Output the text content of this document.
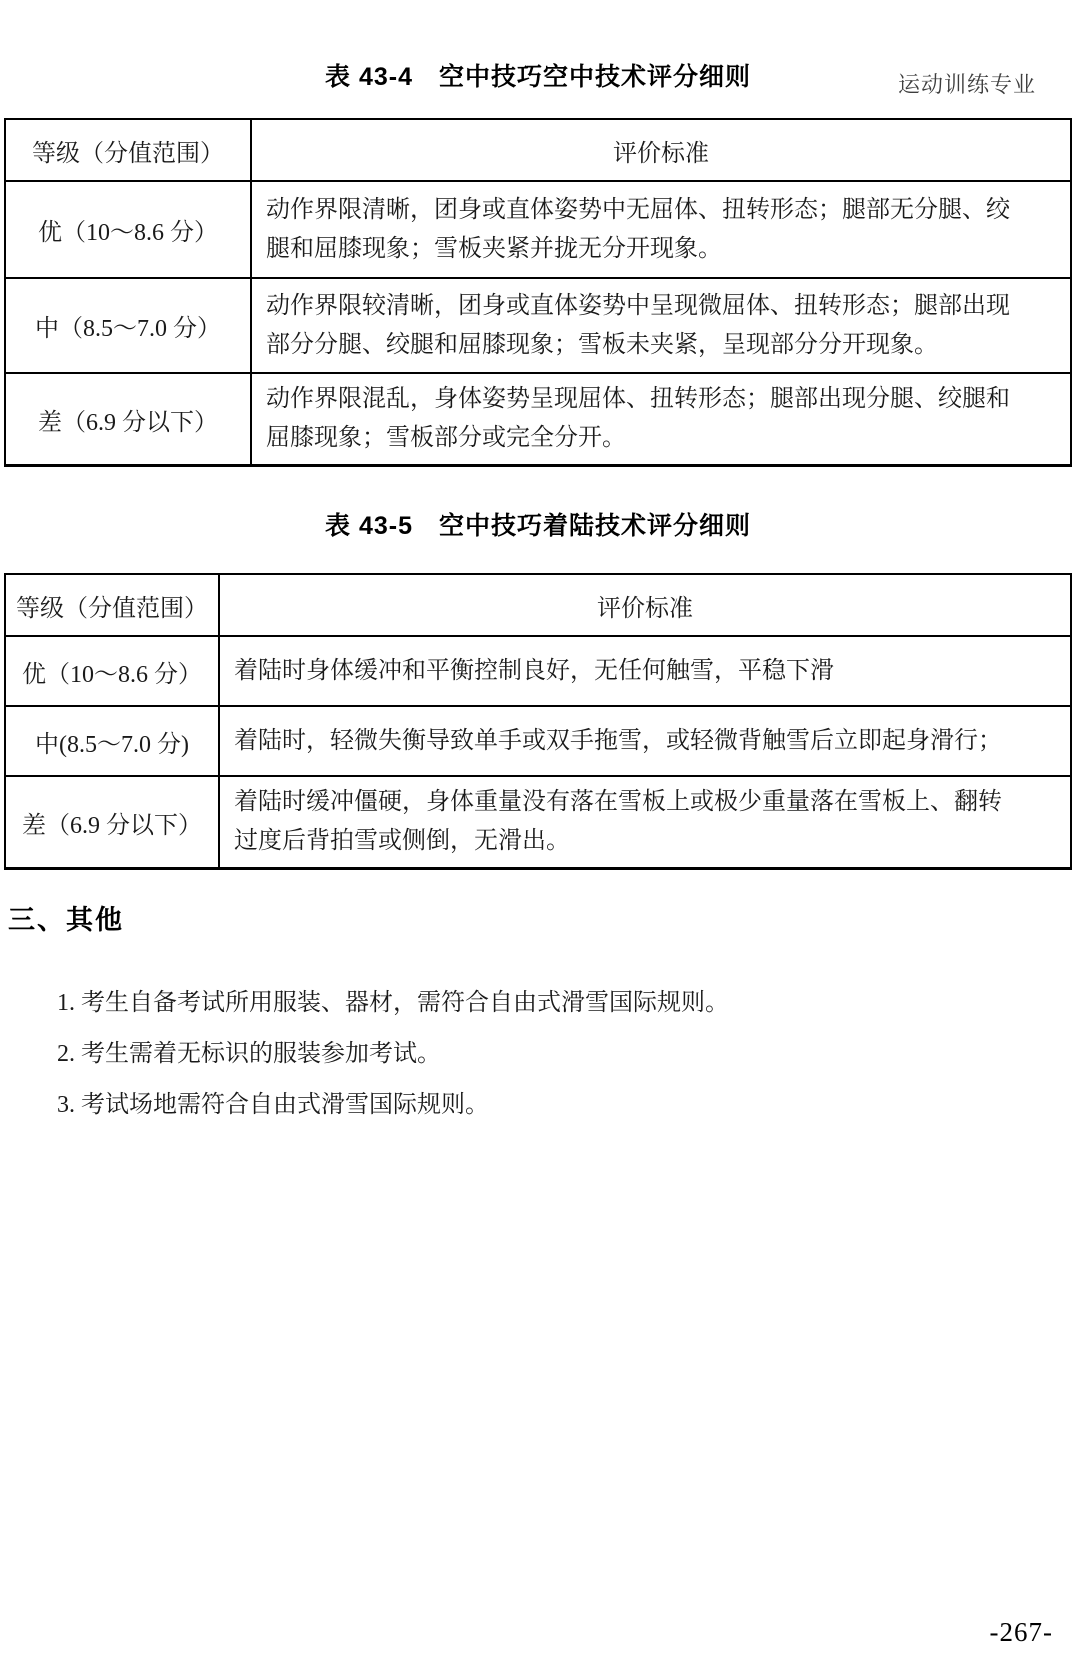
运动训练专业
表 43-4　空中技巧空中技术评分细则
等级（分值范围）	评价标准
优（10～8.6 分）	动作界限清晰，团身或直体姿势中无屈体、扭转形态；腿部无分腿、绞腿和屈膝现象；雪板夹紧并拢无分开现象。
中（8.5～7.0 分）	动作界限较清晰，团身或直体姿势中呈现微屈体、扭转形态；腿部出现部分分腿、绞腿和屈膝现象；雪板未夹紧，呈现部分分开现象。
差（6.9 分以下）	动作界限混乱，身体姿势呈现屈体、扭转形态；腿部出现分腿、绞腿和屈膝现象；雪板部分或完全分开。
表 43-5　空中技巧着陆技术评分细则
等级（分值范围）	评价标准
优（10～8.6 分）	着陆时身体缓冲和平衡控制良好，无任何触雪，平稳下滑
中(8.5～7.0 分)	着陆时，轻微失衡导致单手或双手拖雪，或轻微背触雪后立即起身滑行；
差（6.9 分以下）	着陆时缓冲僵硬，身体重量没有落在雪板上或极少重量落在雪板上、翻转过度后背拍雪或侧倒，无滑出。
三、其他
1. 考生自备考试所用服装、器材，需符合自由式滑雪国际规则。
2. 考生需着无标识的服装参加考试。
3. 考试场地需符合自由式滑雪国际规则。
-267-
